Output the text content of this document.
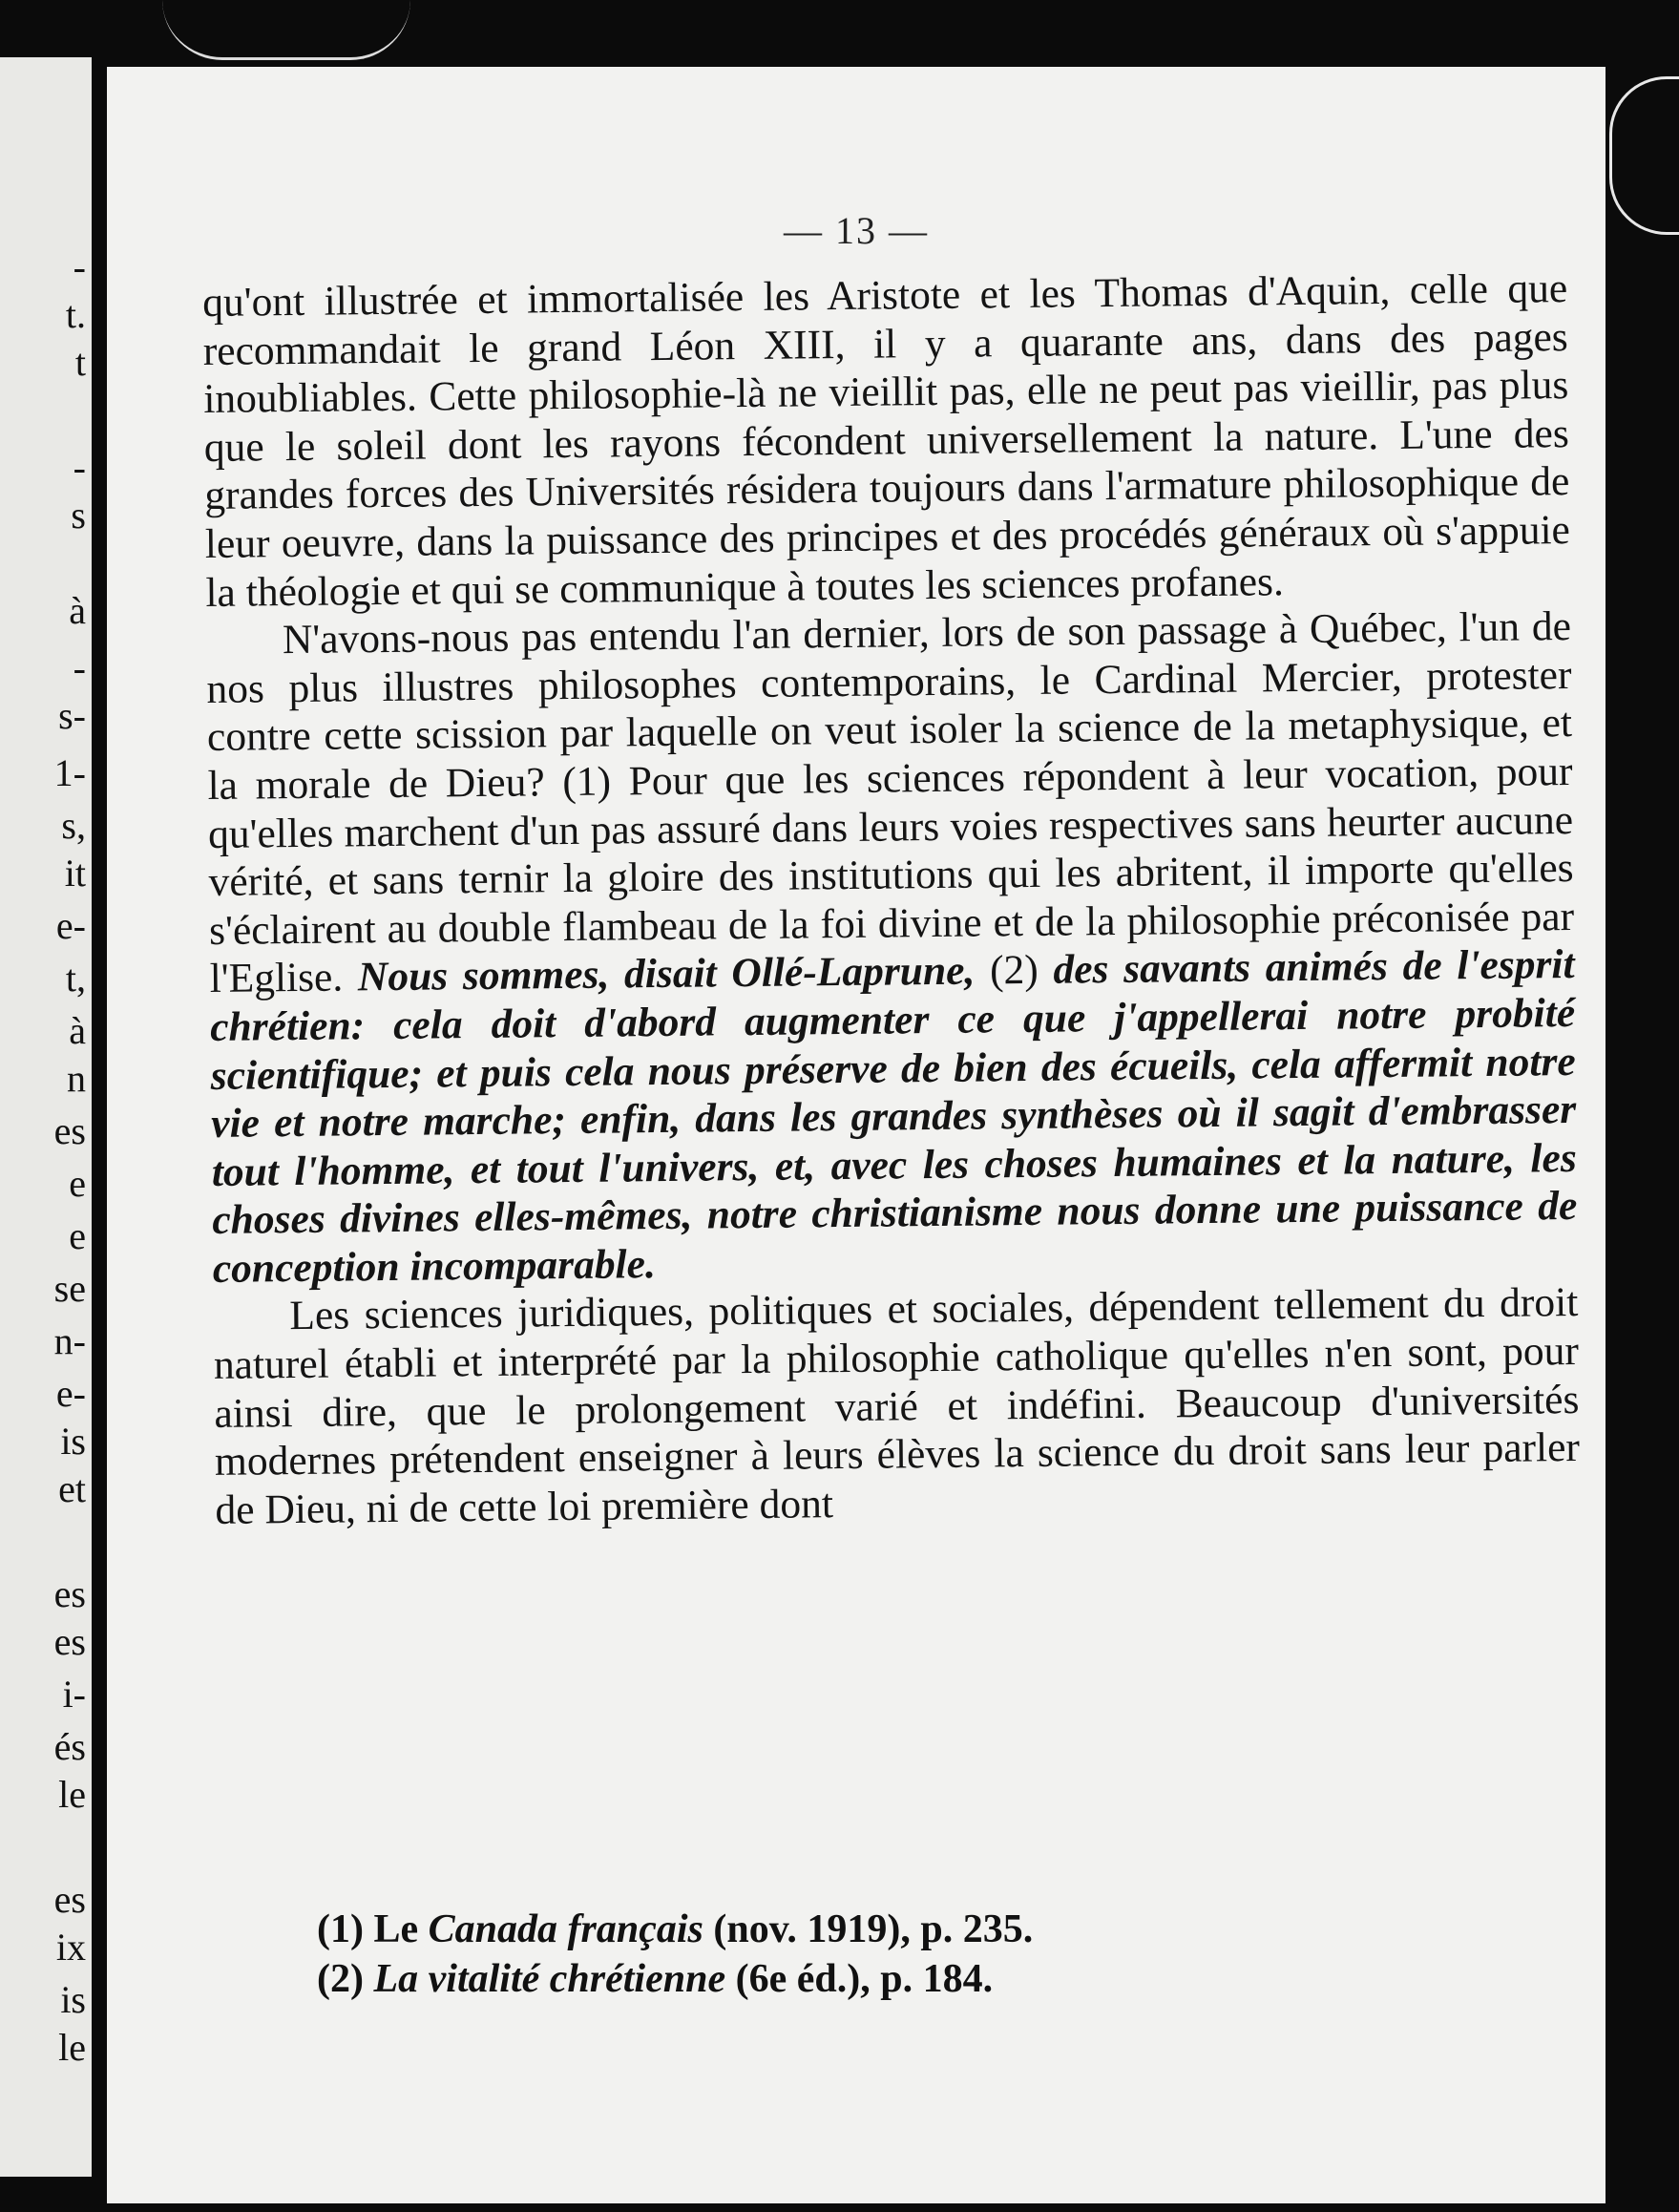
-
t.
t
-
s
à
-
s-
1-
s,
it
e-
t,
à
n
es
e
e
se
n-
e-
is
et
es
es
i-
és
le
es
ix
is
le
— 13 —

qu'ont illustrée et immortalisée les Aristote et les Thomas d'Aquin, celle que recommandait le grand Léon XIII, il y a quarante ans, dans des pages inoubliables. Cette philosophie-là ne vieillit pas, elle ne peut pas vieillir, pas plus que le soleil dont les rayons fécondent universellement la nature. L'une des grandes forces des Universités résidera toujours dans l'armature philosophique de leur oeuvre, dans la puissance des principes et des procédés généraux où s'appuie la théologie et qui se communique à toutes les sciences profanes.

N'avons-nous pas entendu l'an dernier, lors de son passage à Québec, l'un de nos plus illustres philosophes contemporains, le Cardinal Mercier, protester contre cette scission par laquelle on veut isoler la science de la metaphysique, et la morale de Dieu? (1) Pour que les sciences répondent à leur vocation, pour qu'elles marchent d'un pas assuré dans leurs voies respectives sans heurter aucune vérité, et sans ternir la gloire des institutions qui les abritent, il importe qu'elles s'éclairent au double flambeau de la foi divine et de la philosophie préconisée par l'Eglise. Nous sommes, disait Ollé-Laprune, (2) des savants animés de l'esprit chrétien: cela doit d'abord augmenter ce que j'appellerai notre probité scientifique; et puis cela nous préserve de bien des écueils, cela affermit notre vie et notre marche; enfin, dans les grandes synthèses où il sagit d'embrasser tout l'homme, et tout l'univers, et, avec les choses humaines et la nature, les choses divines elles-mêmes, notre christianisme nous donne une puissance de conception incomparable.

Les sciences juridiques, politiques et sociales, dépendent tellement du droit naturel établi et interprété par la philosophie catholique qu'elles n'en sont, pour ainsi dire, que le prolongement varié et indéfini. Beaucoup d'universités modernes prétendent enseigner à leurs élèves la science du droit sans leur parler de Dieu, ni de cette loi première dont

(1) Le Canada français (nov. 1919), p. 235.
(2) La vitalité chrétienne (6e éd.), p. 184.
